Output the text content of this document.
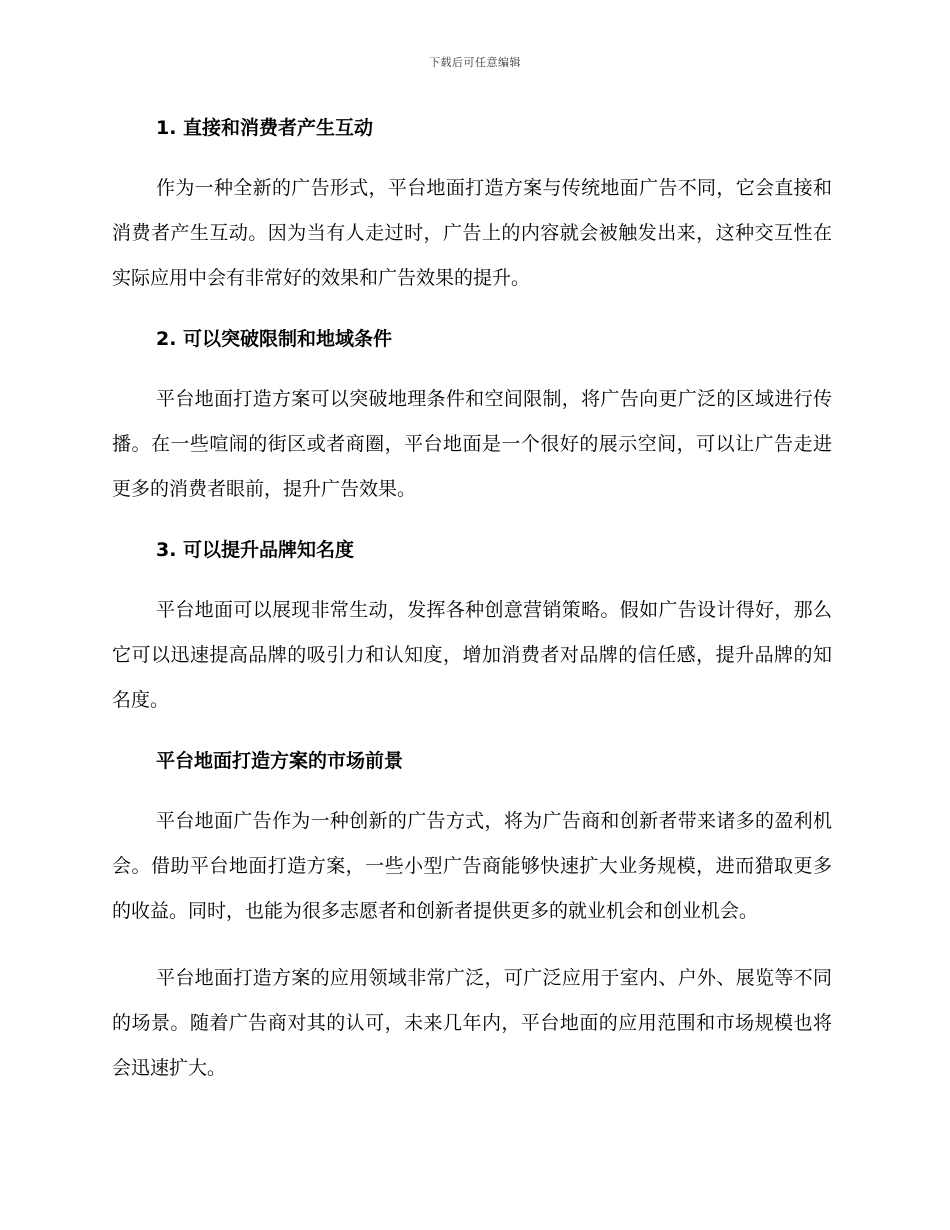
下载后可任意编辑
1. 直接和消费者产生互动

作为一种全新的广告形式，平台地面打造方案与传统地面广告不同，它会直接和消费者产生互动。因为当有人走过时，广告上的内容就会被触发出来，这种交互性在实际应用中会有非常好的效果和广告效果的提升。

2. 可以突破限制和地域条件

平台地面打造方案可以突破地理条件和空间限制，将广告向更广泛的区域进行传播。在一些喧闹的街区或者商圈，平台地面是一个很好的展示空间，可以让广告走进更多的消费者眼前，提升广告效果。

3. 可以提升品牌知名度

平台地面可以展现非常生动，发挥各种创意营销策略。假如广告设计得好，那么它可以迅速提高品牌的吸引力和认知度，增加消费者对品牌的信任感，提升品牌的知名度。

平台地面打造方案的市场前景

平台地面广告作为一种创新的广告方式，将为广告商和创新者带来诸多的盈利机会。借助平台地面打造方案，一些小型广告商能够快速扩大业务规模，进而猎取更多的收益。同时，也能为很多志愿者和创新者提供更多的就业机会和创业机会。

平台地面打造方案的应用领域非常广泛，可广泛应用于室内、户外、展览等不同的场景。随着广告商对其的认可，未来几年内，平台地面的应用范围和市场规模也将会迅速扩大。
